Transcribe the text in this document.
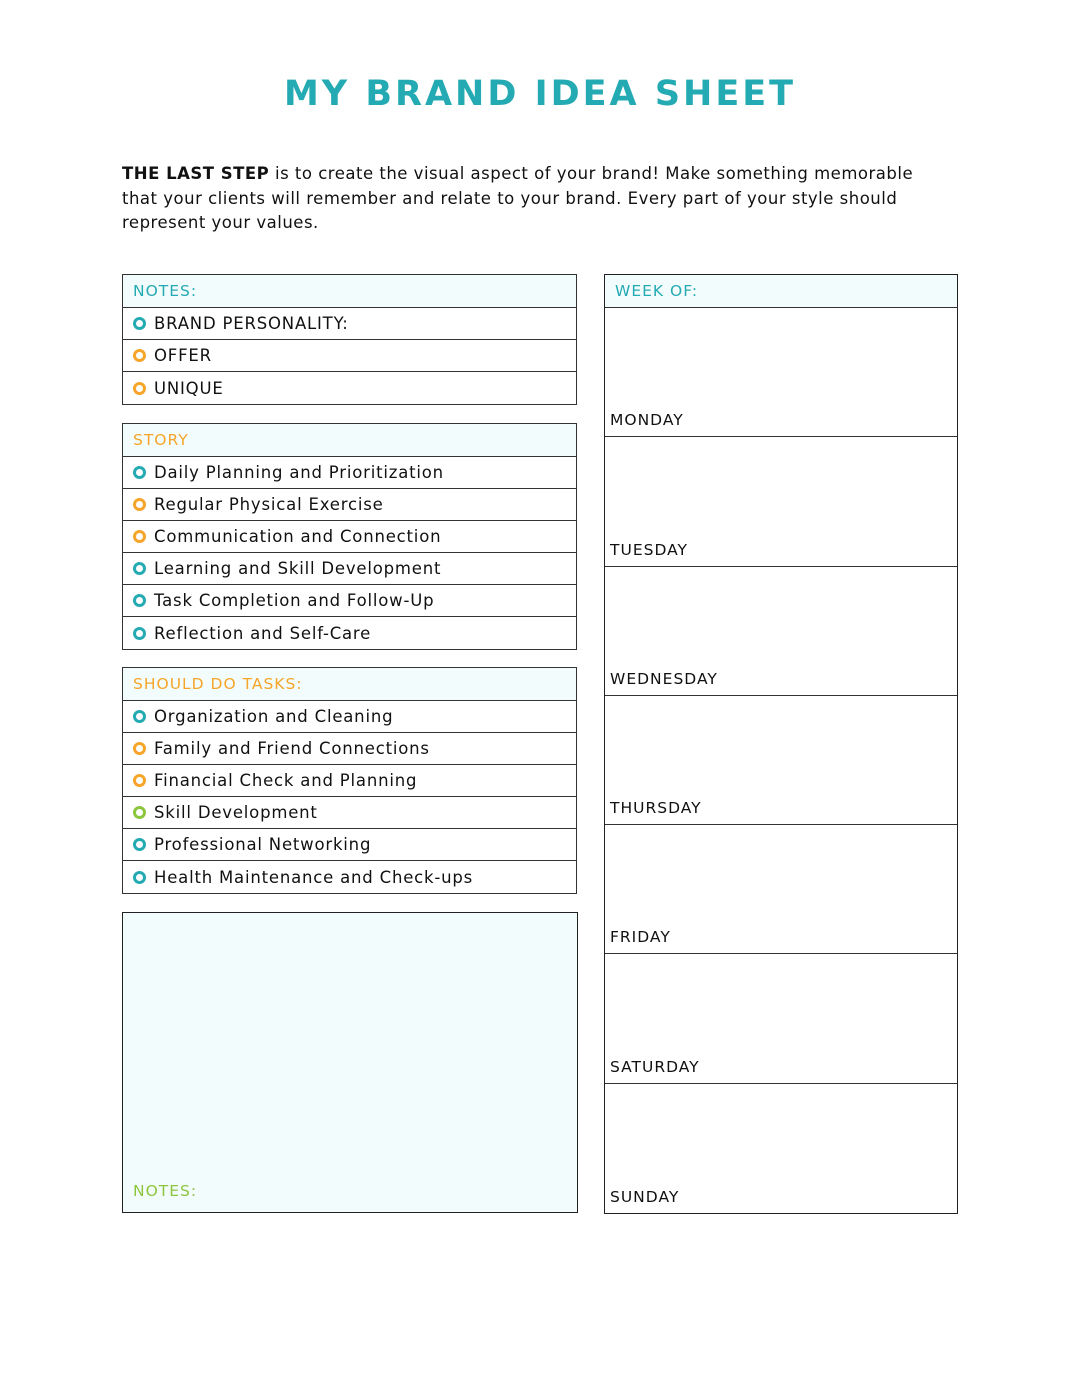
MY BRAND IDEA SHEET
THE LAST STEP is to create the visual aspect of your brand! Make something memorable that your clients will remember and relate to your brand. Every part of your style should represent your values.
NOTES:
BRAND PERSONALITY:
OFFER
UNIQUE
STORY
Daily Planning and Prioritization
Regular Physical Exercise
Communication and Connection
Learning and Skill Development
Task Completion and Follow-Up
Reflection and Self-Care
SHOULD DO TASKS:
Organization and Cleaning
Family and Friend Connections
Financial Check and Planning
Skill Development
Professional Networking
Health Maintenance and Check-ups
NOTES:
WEEK OF:
MONDAY
TUESDAY
WEDNESDAY
THURSDAY
FRIDAY
SATURDAY
SUNDAY
